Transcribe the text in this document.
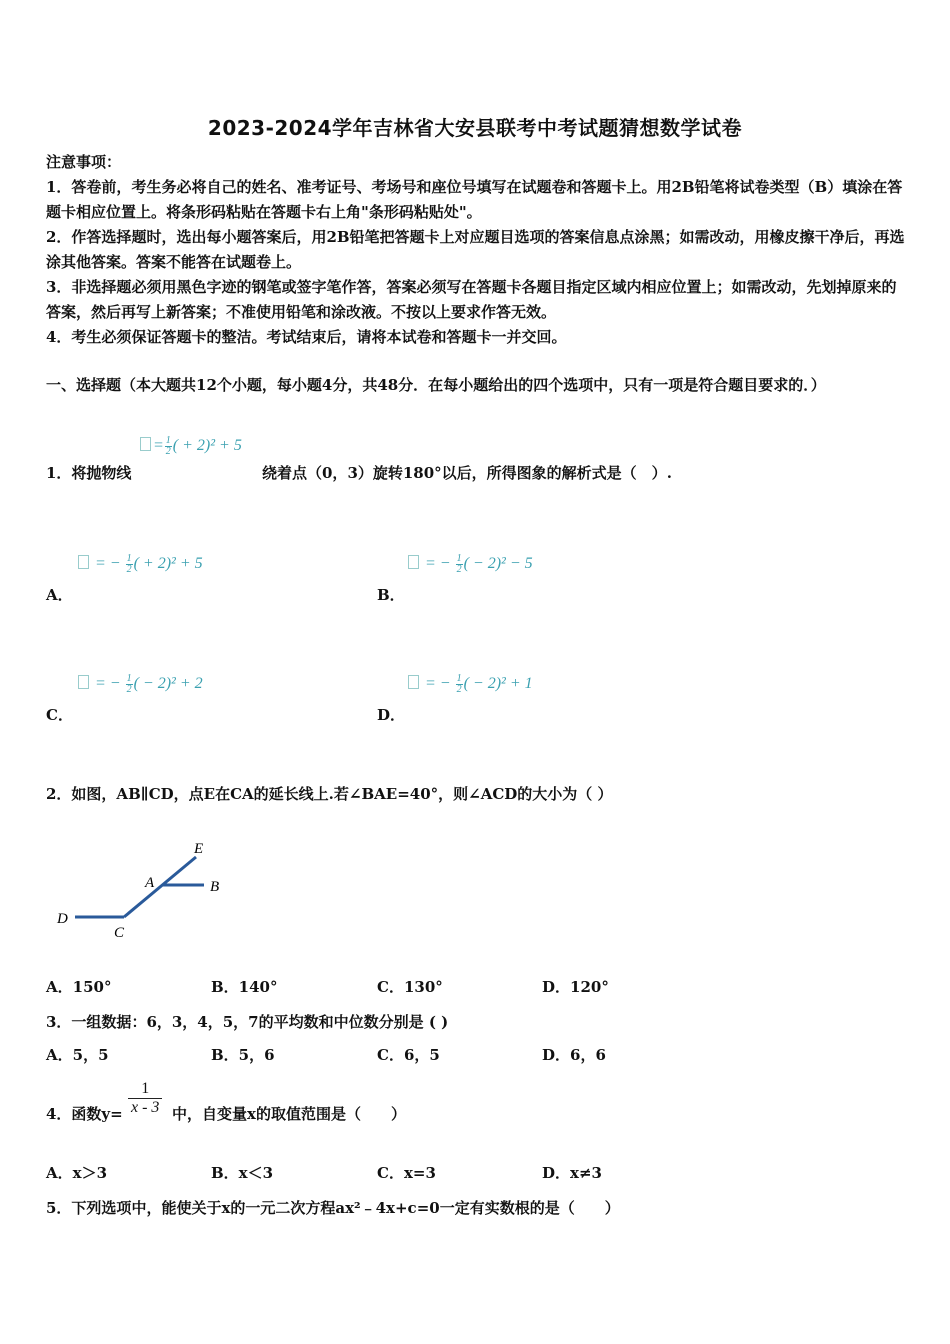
2023-2024学年吉林省大安县联考中考试题猜想数学试卷

注意事项：

1．答卷前，考生务必将自己的姓名、准考证号、考场号和座位号填写在试题卷和答题卡上。用2B铅笔将试卷类型（B）填涂在答题卡相应位置上。将条形码粘贴在答题卡右上角"条形码粘贴处"。

2．作答选择题时，选出每小题答案后，用2B铅笔把答题卡上对应题目选项的答案信息点涂黑；如需改动，用橡皮擦干净后，再选涂其他答案。答案不能答在试题卷上。

3．非选择题必须用黑色字迹的钢笔或签字笔作答，答案必须写在答题卡各题目指定区域内相应位置上；如需改动，先划掉原来的答案，然后再写上新答案；不准使用铅笔和涂改液。不按以上要求作答无效。

4．考生必须保证答题卡的整洁。考试结束后，请将本试卷和答题卡一并交回。

一、选择题（本大题共12个小题，每小题4分，共48分．在每小题给出的四个选项中，只有一项是符合题目要求的．）
= $\frac{1}{2}$ ( + 2)² + 5
1．将抛物线	绕着点（0，3）旋转180°以后，所得图象的解析式是（　）.
= − $\frac{1}{2}$ ( + 2)² + 5
A．
= − $\frac{1}{2}$ ( − 2)² − 5
B．
= − $\frac{1}{2}$ ( − 2)² + 2
C．
= − $\frac{1}{2}$ ( − 2)² + 1
D．
2．如图，AB∥CD，点E在CA的延长线上.若∠BAE=40°，则∠ACD的大小为（ ）
E
A	B
D
C
A．150°	B．140°	C．130°	D．120°
3．一组数据：6，3，4，5，7的平均数和中位数分别是 ( )
A．5，5	B．5，6	C．6，5	D．6，6
4．函数$y= \frac{1}{x - 3}$ 中，自变量x的取值范围是（　　）
A．x＞3	B．x＜3	C．x=3	D．x≠3
5．下列选项中，能使关于x的一元二次方程ax²﹣4x+c=0一定有实数根的是（　　）
